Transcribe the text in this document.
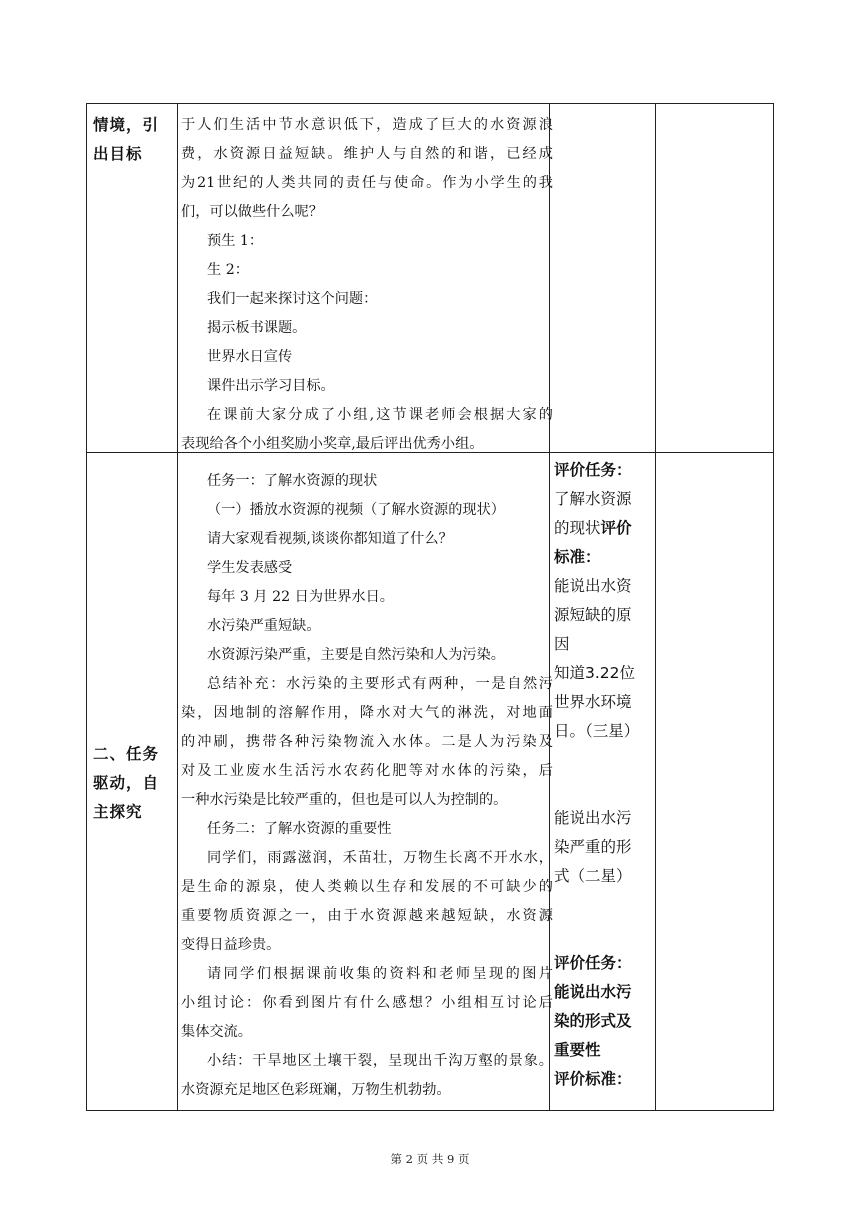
情境，引
出目标
于人们生活中节水意识低下，造成了巨大的水资源浪
费，水资源日益短缺。维护人与自然的和谐，已经成
为21世纪的人类共同的责任与使命。作为小学生的我
们，可以做些什么呢？
预生 1：
生 2：
我们一起来探讨这个问题：
揭示板书课题。
世界水日宣传
课件出示学习目标。
在课前大家分成了小组,这节课老师会根据大家的
表现给各个小组奖励小奖章,最后评出优秀小组。
二、任务
驱动，自
主探究
任务一：了解水资源的现状
（一）播放水资源的视频（了解水资源的现状）
请大家观看视频,谈谈你都知道了什么？
学生发表感受
每年 3 月 22 日为世界水日。
水污染严重短缺。
水资源污染严重，主要是自然污染和人为污染。
总结补充：水污染的主要形式有两种，一是自然污
染，因地制的溶解作用，降水对大气的淋洗，对地面
的冲刷，携带各种污染物流入水体。二是人为污染及
对及工业废水生活污水农药化肥等对水体的污染，后
一种水污染是比较严重的，但也是可以人为控制的。
任务二：了解水资源的重要性
同学们，雨露滋润，禾苗壮，万物生长离不开水水，
是生命的源泉，使人类赖以生存和发展的不可缺少的
重要物质资源之一，由于水资源越来越短缺，水资源
变得日益珍贵。
请同学们根据课前收集的资料和老师呈现的图片
小组讨论：你看到图片有什么感想？小组相互讨论后
集体交流。
小结：干旱地区土壤干裂，呈现出千沟万壑的景象。
水资源充足地区色彩斑斓，万物生机勃勃。
评价任务：
了解水资源
的现状评价
标准：
能说出水资
源短缺的原
因
知道3.22位
世界水环境
日。（三星）
能说出水污
染严重的形
式（二星）
评价任务：
能说出水污
染的形式及
重要性
评价标准：
第 2 页 共 9 页
